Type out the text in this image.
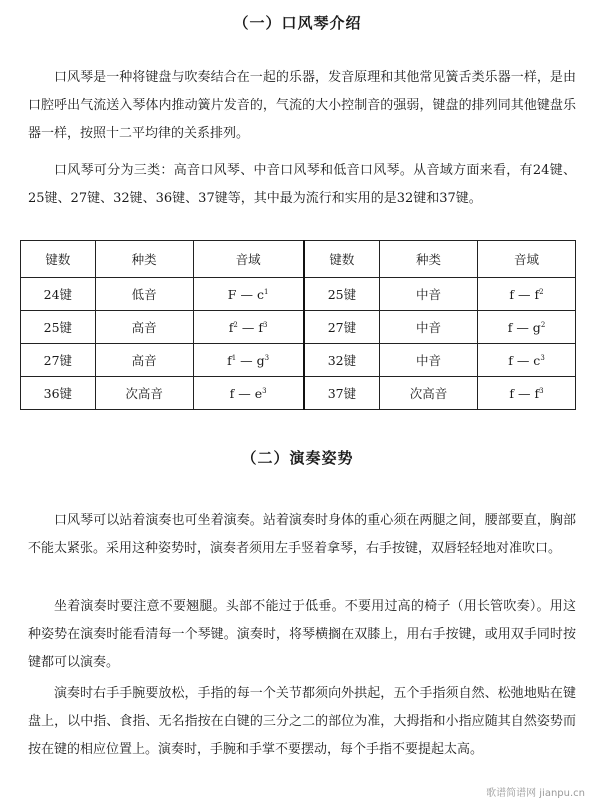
（一）口风琴介绍

口风琴是一种将键盘与吹奏结合在一起的乐器，发音原理和其他常见簧舌类乐器一样，是由口腔呼出气流送入琴体内推动簧片发音的，气流的大小控制音的强弱，键盘的排列同其他键盘乐器一样，按照十二平均律的关系排列。

口风琴可分为三类：高音口风琴、中音口风琴和低音口风琴。从音域方面来看，有24键、25键、27键、32键、36键、37键等，其中最为流行和实用的是32键和37键。

键数	种类	音域	键数	种类	音域
24键	低音	F — $c^1$	25键	中音	f — $f^2$
25键	高音	$f^2$ — $f^3$	27键	中音	f — $g^2$
27键	高音	$f^1$ — $g^3$	32键	中音	f — $c^3$
36键	次高音	f — $e^3$	37键	次高音	f — $f^3$
（二）演奏姿势

口风琴可以站着演奏也可坐着演奏。站着演奏时身体的重心须在两腿之间，腰部要直，胸部不能太紧张。采用这种姿势时，演奏者须用左手竖着拿琴，右手按键，双唇轻轻地对准吹口。

坐着演奏时要注意不要翘腿。头部不能过于低垂。不要用过高的椅子（用长管吹奏）。用这种姿势在演奏时能看清每一个琴键。演奏时，将琴横搁在双膝上，用右手按键，或用双手同时按键都可以演奏。

演奏时右手手腕要放松，手指的每一个关节都须向外拱起，五个手指须自然、松弛地贴在键盘上，以中指、食指、无名指按在白键的三分之二的部位为准，大拇指和小指应随其自然姿势而按在键的相应位置上。演奏时，手腕和手掌不要摆动，每个手指不要提起太高。

歌谱简谱网 jianpu.cn
